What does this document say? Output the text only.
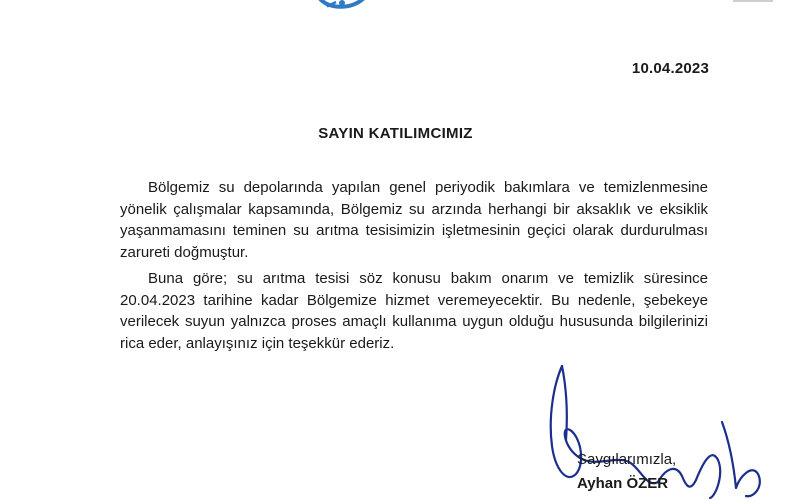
10.04.2023
SAYIN KATILIMCIMIZ

Bölgemiz su depolarında yapılan genel periyodik bakımlara ve temizlenmesine yönelik çalışmalar kapsamında, Bölgemiz su arzında herhangi bir aksaklık ve eksiklik yaşanmamasını teminen su arıtma tesisimizin işletmesinin geçici olarak durdurulması zarureti doğmuştur.

Buna göre; su arıtma tesisi söz konusu bakım onarım ve temizlik süresince 20.04.2023 tarihine kadar Bölgemize hizmet veremeyecektir. Bu nedenle, şebekeye verilecek suyun yalnızca proses amaçlı kullanıma uygun olduğu hususunda bilgilerinizi rica eder, anlayışınız için teşekkür ederiz.

Saygılarımızla,
Ayhan ÖZER
